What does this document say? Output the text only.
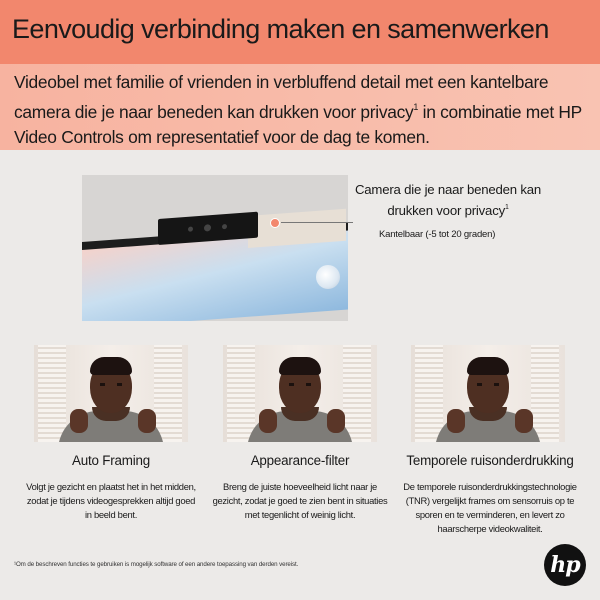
Eenvoudig verbinding maken en samenwerken

Videobel met familie of vrienden in verbluffend detail met een kantelbare camera die je naar beneden kan drukken voor privacy$^1$ in combinatie met HP Video Controls om representatief voor de dag te komen.

Camera die je naar beneden kan drukken voor privacy$^1$
Kantelbaar (-5 tot 20 graden)
Auto Framing
Volgt je gezicht en plaatst het in het midden, zodat je tijdens videogesprekken altijd goed in beeld bent.
Appearance-filter
Breng de juiste hoeveelheid licht naar je gezicht, zodat je goed te zien bent in situaties met tegenlicht of weinig licht.
Temporele ruisonderdrukking
De temporele ruisonderdrukkingstechnologie (TNR) vergelijkt frames om sensorruis op te sporen en te verminderen, en levert zo haarscherpe videokwaliteit.
¹Om de beschreven functies te gebruiken is mogelijk software of een andere toepassing van derden vereist.	hp
